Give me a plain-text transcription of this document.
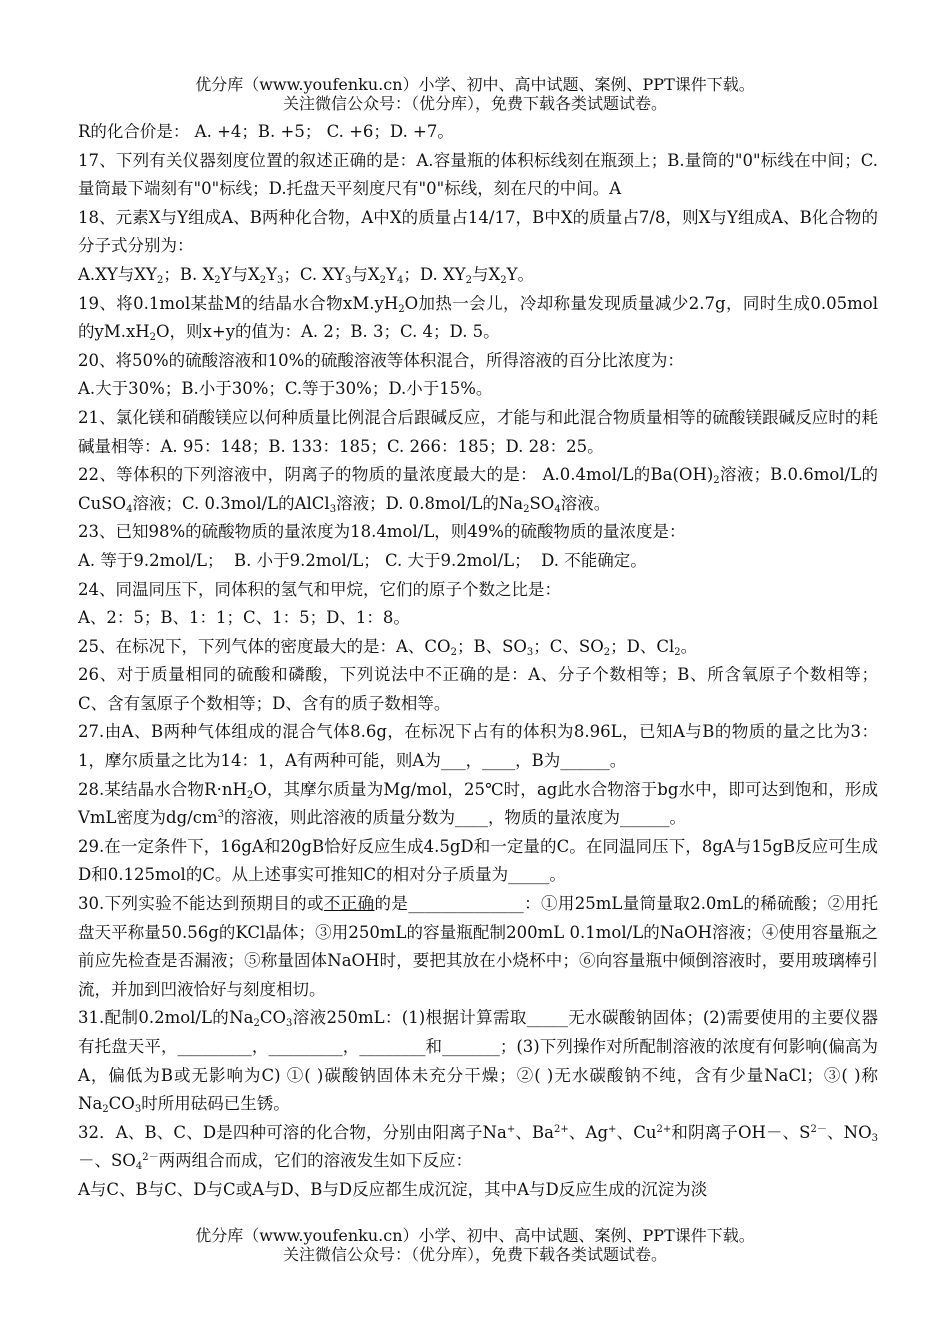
优分库（www.youfenku.cn）小学、初中、高中试题、案例、PPT课件下载。
关注微信公众号：（优分库），免费下载各类试题试卷。

R的化合价是： A. +4；B. +5； C. +6；D. +7。

17、下列有关仪器刻度位置的叙述正确的是：A.容量瓶的体积标线刻在瓶颈上；B.量筒的"0"标线在中间；C.量筒最下端刻有"0"标线；D.托盘天平刻度尺有"0"标线，刻在尺的中间。A

18、元素X与Y组成A、B两种化合物，A中X的质量占14/17，B中X的质量占7/8，则X与Y组成A、B化合物的分子式分别为：
A.XY与$XY_2$；B. $X_2Y$与$X_2Y_3$；C. $XY_3$与$X_2Y_4$；D. $XY_2$与$X_2Y$。

19、将0.1mol某盐M的结晶水合物$xM.yH_2O$加热一会儿，冷却称量发现质量减少2.7g，同时生成0.05mol的$yM.xH_2O$，则x+y的值为：A. 2；B. 3；C. 4；D. 5。

20、将50%的硫酸溶液和10%的硫酸溶液等体积混合，所得溶液的百分比浓度为：
A.大于30%；B.小于30%；C.等于30%；D.小于15%。

21、氯化镁和硝酸镁应以何种质量比例混合后跟碱反应，才能与和此混合物质量相等的硫酸镁跟碱反应时的耗碱量相等：A. 95：148；B. 133：185；C. 266：185；D. 28：25。

22、等体积的下列溶液中，阴离子的物质的量浓度最大的是： A.0.4mol/L的$Ba(OH)_2$溶液；B.0.6mol/L的CuSO$_4$溶液；C. 0.3mol/L的AlCl$_3$溶液；D. 0.8mol/L的$Na_2SO_4$溶液。

23、已知98%的硫酸物质的量浓度为18.4mol/L，则49%的硫酸物质的量浓度是：
A. 等于9.2mol/L；  B. 小于9.2mol/L； C. 大于9.2mol/L；  D. 不能确定。

24、同温同压下，同体积的氢气和甲烷，它们的原子个数之比是：
A、2：5；B、1：1；C、1：5；D、1：8。

25、在标况下，下列气体的密度最大的是：A、$CO_2$；B、$SO_3$；C、$SO_2$；D、$Cl_2$。

26、对于质量相同的硫酸和磷酸，下列说法中不正确的是：A、分子个数相等；B、所含氧原子个数相等；C、含有氢原子个数相等；D、含有的质子数相等。

27.由A、B两种气体组成的混合气体8.6g，在标况下占有的体积为8.96L，已知A与B的物质的量之比为3：1，摩尔质量之比为14：1，A有两种可能，则A为___，____，B为______。

28.某结晶水合物$R\cdot nH_2O$，其摩尔质量为Mg/mol，25℃时，ag此水合物溶于bg水中，即可达到饱和，形成VmL密度为$dg/cm^3$的溶液，则此溶液的质量分数为____，物质的量浓度为______。

29.在一定条件下，16gA和20gB恰好反应生成4.5gD和一定量的C。在同温同压下，8gA与15gB反应可生成D和0.125mol的C。从上述事实可推知C的相对分子质量为_____。

30.下列实验不能达到预期目的或不正确的是______________：①用25mL量筒量取2.0mL的稀硫酸；②用托盘天平称量50.56g的KCl晶体；③用250mL的容量瓶配制200mL 0.1mol/L的NaOH溶液；④使用容量瓶之前应先检查是否漏液；⑤称量固体NaOH时，要把其放在小烧杯中；⑥向容量瓶中倾倒溶液时，要用玻璃棒引流，并加到凹液恰好与刻度相切。

31.配制0.2mol/L的$Na_2CO_3$溶液250mL：(1)根据计算需取_____无水碳酸钠固体；(2)需要使用的主要仪器有托盘天平，_________，_________，________和_______；(3)下列操作对所配制溶液的浓度有何影响(偏高为A，偏低为B或无影响为C) ①( )碳酸钠固体未充分干燥；②( )无水碳酸钠不纯，含有少量NaCl；③( )称$Na_2CO_3$时所用砝码已生锈。

32．A、B、C、D是四种可溶的化合物，分别由阳离子Na+、$Ba^{2+}$、Ag+、$Cu^{2+}$和阴离子OH－、$S^{2-}$、$NO_3-$、$SO_4^{2-}$两两组合而成，它们的溶液发生如下反应：
A与C、B与C、D与C或A与D、B与D反应都生成沉淀，其中A与D反应生成的沉淀为淡

优分库（www.youfenku.cn）小学、初中、高中试题、案例、PPT课件下载。
关注微信公众号：（优分库），免费下载各类试题试卷。
